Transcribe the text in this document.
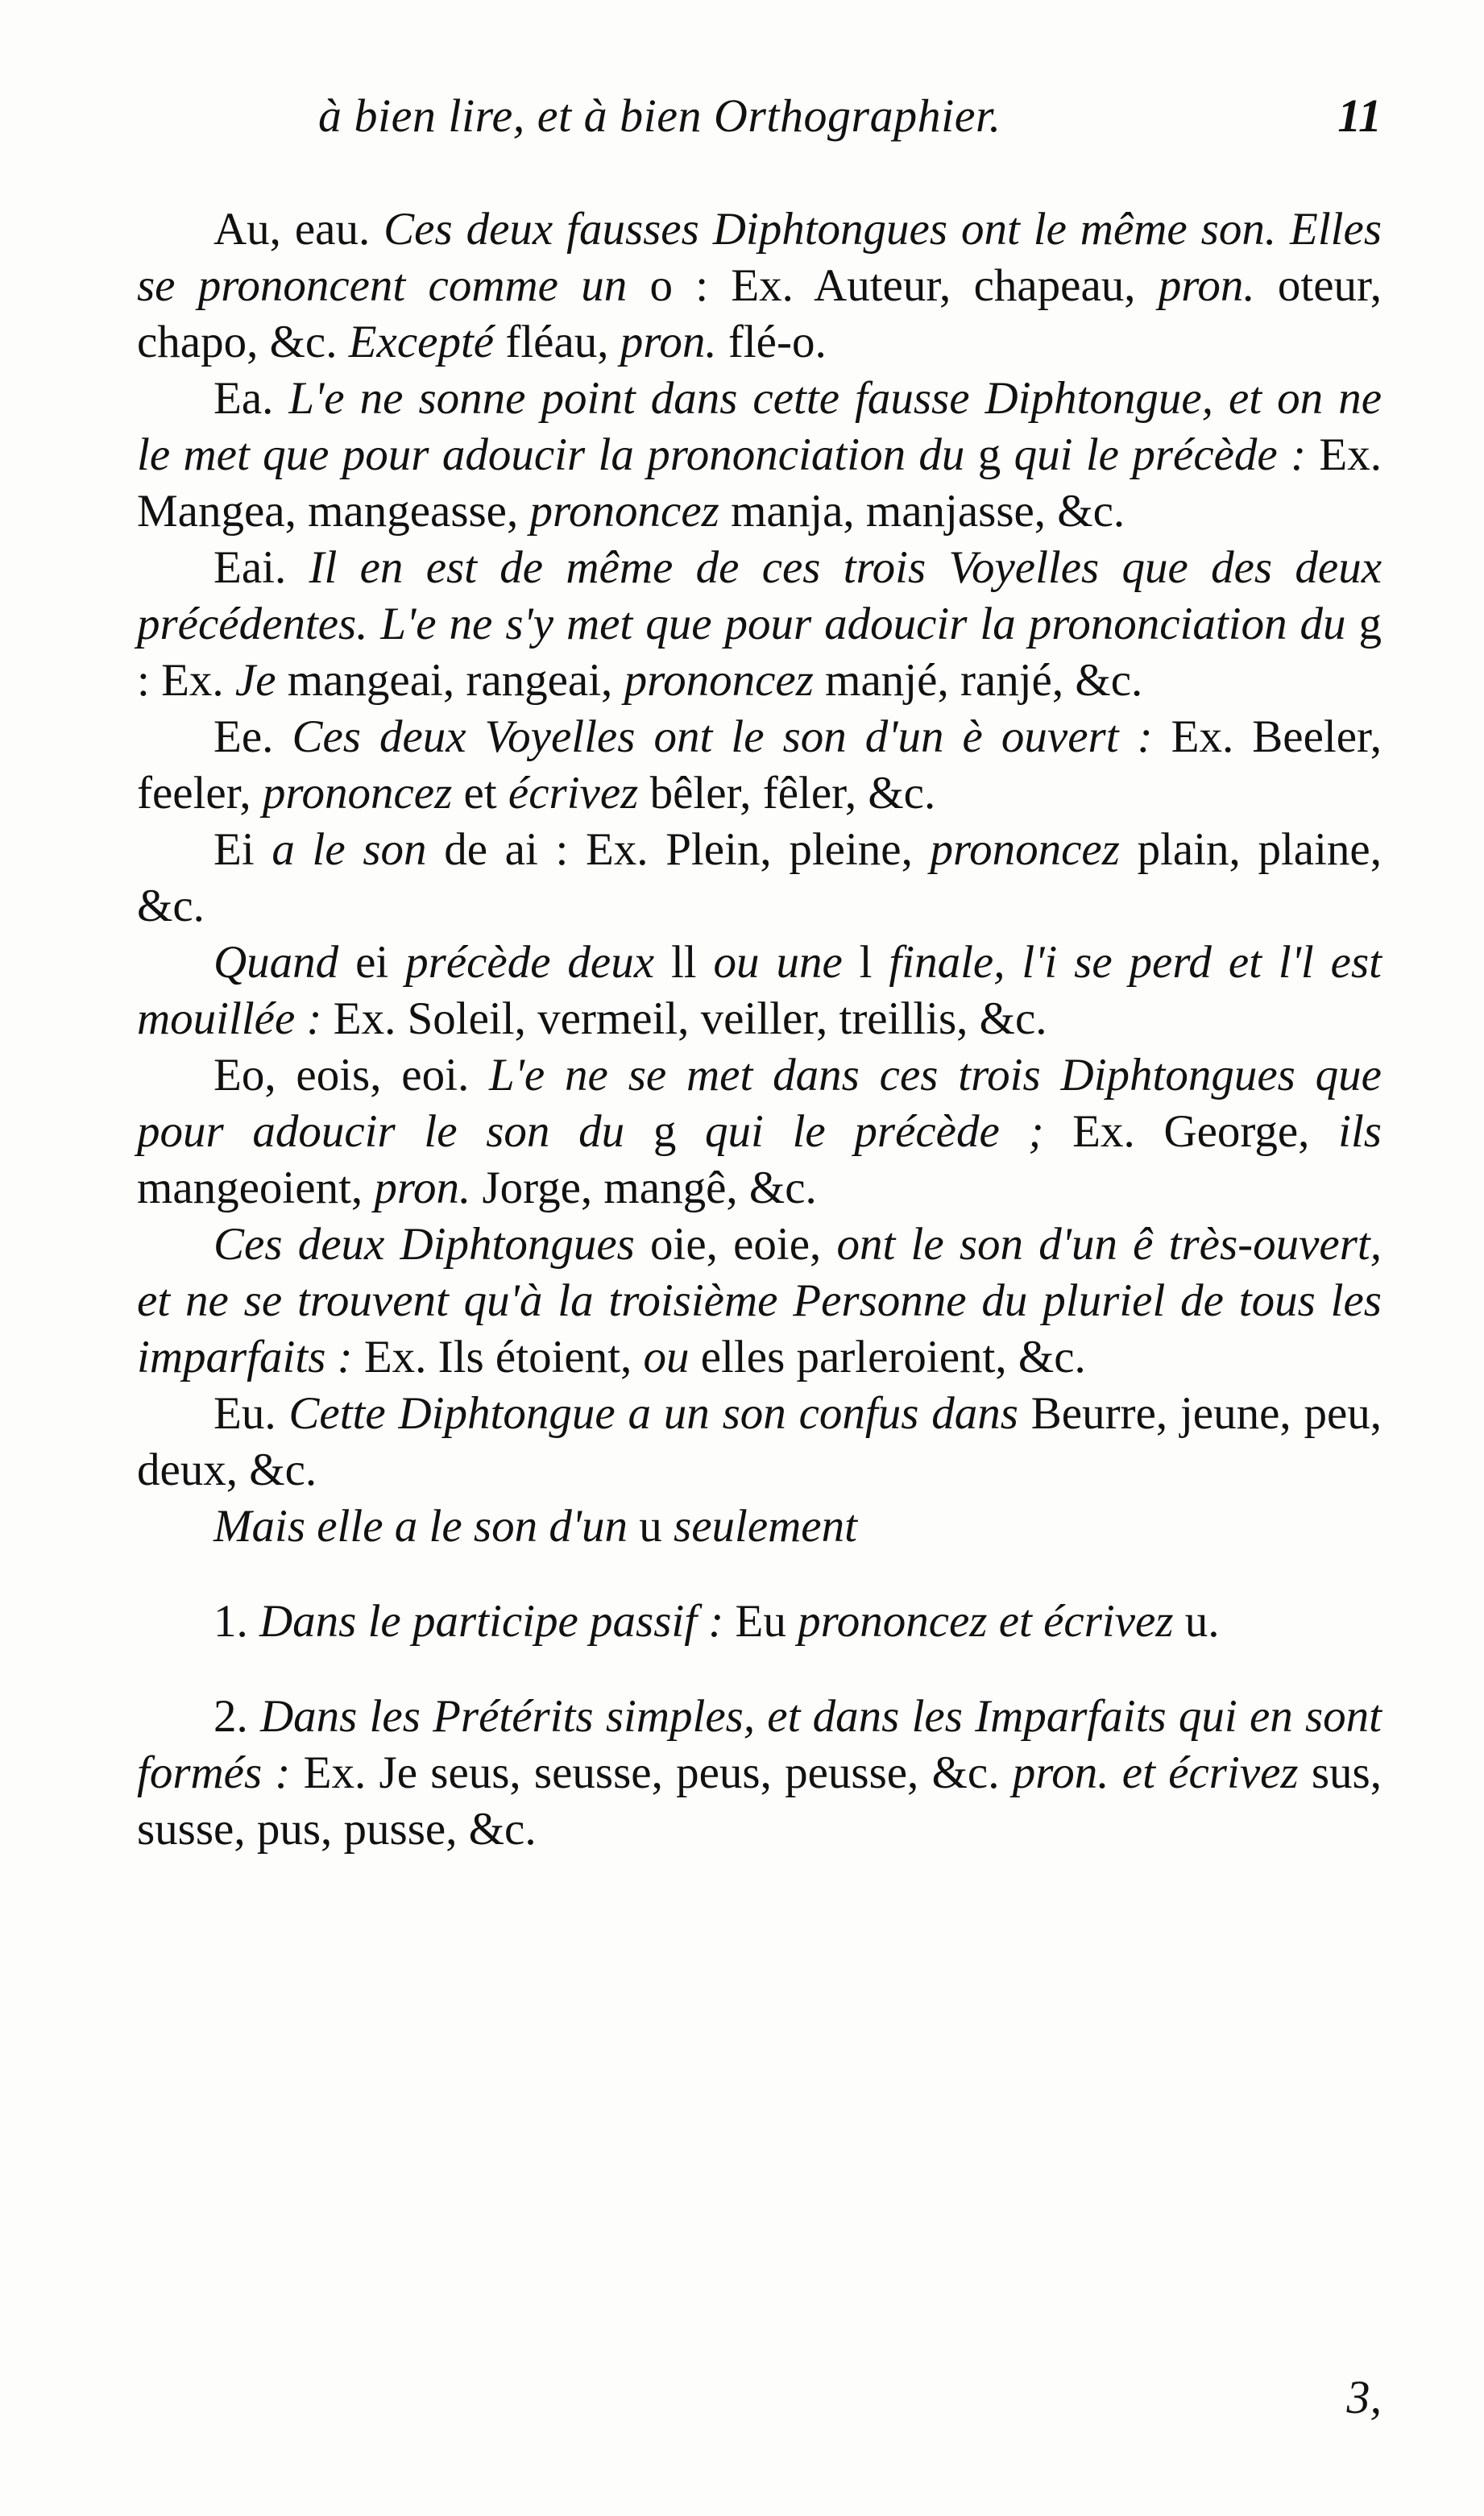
à bien lire, et à bien Orthographier.	11

Au, eau. Ces deux fausses Diphtongues ont le même son. Elles se prononcent comme un o : Ex. Auteur, chapeau, pron. oteur, chapo, &c. Excepté fléau, pron. flé-o.

Ea. L'e ne sonne point dans cette fausse Diphtongue, et on ne le met que pour adoucir la prononciation du g qui le précède : Ex. Mangea, mangeasse, prononcez manja, manjasse, &c.

Eai. Il en est de même de ces trois Voyelles que des deux précédentes. L'e ne s'y met que pour adoucir la prononciation du g : Ex. Je mangeai, rangeai, prononcez manjé, ranjé, &c.

Ee. Ces deux Voyelles ont le son d'un è ouvert : Ex. Beeler, feeler, prononcez et écrivez bêler, fêler, &c.

Ei a le son de ai : Ex. Plein, pleine, prononcez plain, plaine, &c.

Quand ei précède deux ll ou une l finale, l'i se perd et l'l est mouillée : Ex. Soleil, vermeil, veiller, treillis, &c.

Eo, eois, eoi. L'e ne se met dans ces trois Diphtongues que pour adoucir le son du g qui le précède ; Ex. George, ils mangeoient, pron. Jorge, mangê, &c.

Ces deux Diphtongues oie, eoie, ont le son d'un ê très-ouvert, et ne se trouvent qu'à la troisième Personne du pluriel de tous les imparfaits : Ex. Ils étoient, ou elles parleroient, &c.

Eu. Cette Diphtongue a un son confus dans Beurre, jeune, peu, deux, &c.

Mais elle a le son d'un u seulement

1. Dans le participe passif : Eu prononcez et écrivez u.

2. Dans les Prétérits simples, et dans les Imparfaits qui en sont formés : Ex. Je seus, seusse, peus, peusse, &c. pron. et écrivez sus, susse, pus, pusse, &c.

3,
